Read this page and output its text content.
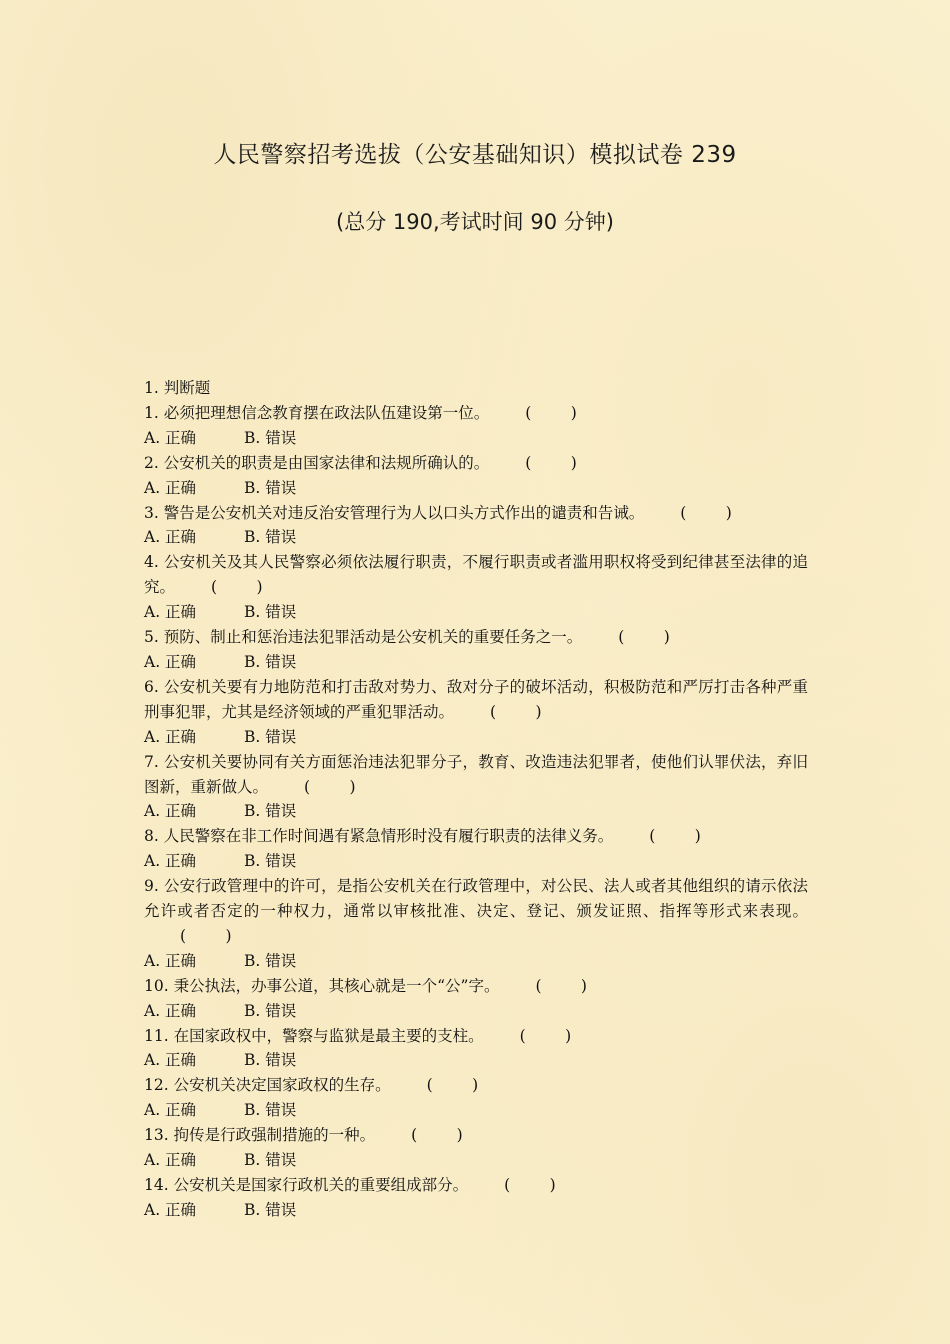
人民警察招考选拔（公安基础知识）模拟试卷 239
(总分 190,考试时间 90 分钟)

1. 判断题

1. 必须把理想信念教育摆在政法队伍建设第一位。 (        )

A. 正确	B. 错误

2. 公安机关的职责是由国家法律和法规所确认的。 (        )

A. 正确	B. 错误

3. 警告是公安机关对违反治安管理行为人以口头方式作出的谴责和告诫。 (        )

A. 正确	B. 错误

4. 公安机关及其人民警察必须依法履行职责，不履行职责或者滥用职权将受到纪律甚至法律的追究。 (        )

A. 正确	B. 错误

5. 预防、制止和惩治违法犯罪活动是公安机关的重要任务之一。 (        )

A. 正确	B. 错误

6. 公安机关要有力地防范和打击敌对势力、敌对分子的破坏活动，积极防范和严厉打击各种严重刑事犯罪，尤其是经济领域的严重犯罪活动。 (        )

A. 正确	B. 错误

7. 公安机关要协同有关方面惩治违法犯罪分子，教育、改造违法犯罪者，使他们认罪伏法，弃旧图新，重新做人。 (        )

A. 正确	B. 错误

8. 人民警察在非工作时间遇有紧急情形时没有履行职责的法律义务。 (        )

A. 正确	B. 错误

9. 公安行政管理中的许可，是指公安机关在行政管理中，对公民、法人或者其他组织的请示依法允许或者否定的一种权力，通常以审核批准、决定、登记、颁发证照、指挥等形式来表现。(        )

A. 正确	B. 错误

10. 秉公执法，办事公道，其核心就是一个“公”字。 (        )

A. 正确	B. 错误

11. 在国家政权中，警察与监狱是最主要的支柱。 (        )

A. 正确	B. 错误

12. 公安机关决定国家政权的生存。 (        )

A. 正确	B. 错误

13. 拘传是行政强制措施的一种。 (        )

A. 正确	B. 错误

14. 公安机关是国家行政机关的重要组成部分。 (        )

A. 正确	B. 错误
